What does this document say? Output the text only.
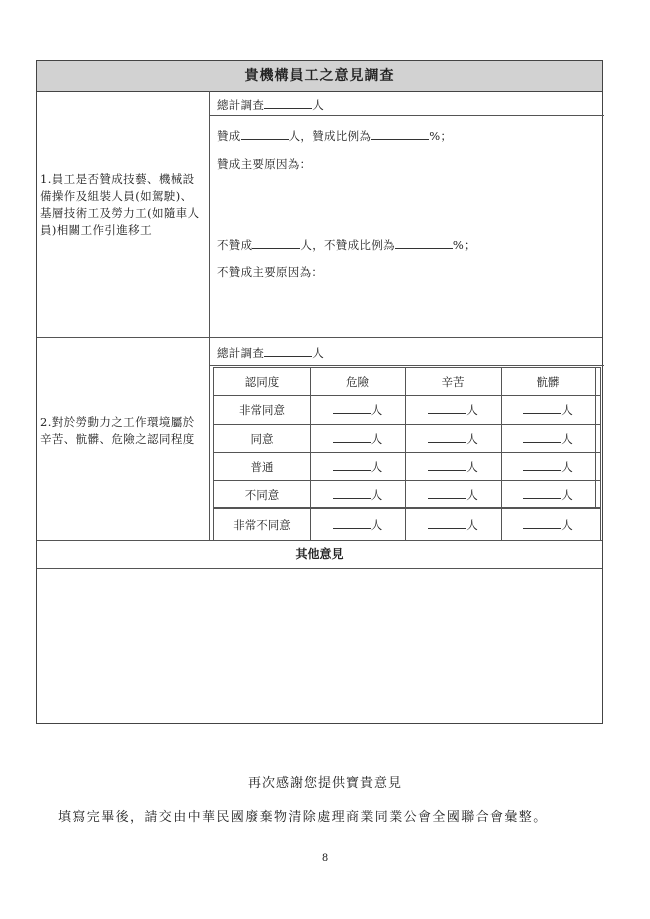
貴機構員工之意見調查
1.員工是否贊成技藝、機械設備操作及組裝人員(如駕駛)、基層技術工及勞力工(如隨車人員)相關工作引進移工
總計調查	人
贊成	人，贊成比例為	%；
贊成主要原因為：
不贊成	人，不贊成比例為	%；
不贊成主要原因為：
2.對於勞動力之工作環境屬於辛苦、骯髒、危險之認同程度
總計調查	人
認同度	危險	辛苦	骯髒
非常同意	人	人	人
同意	人	人	人
普通	人	人	人
不同意	人	人	人
非常不同意	人	人	人
其他意見
再次感謝您提供寶貴意見
填寫完畢後，請交由中華民國廢棄物清除處理商業同業公會全國聯合會彙整。
8
